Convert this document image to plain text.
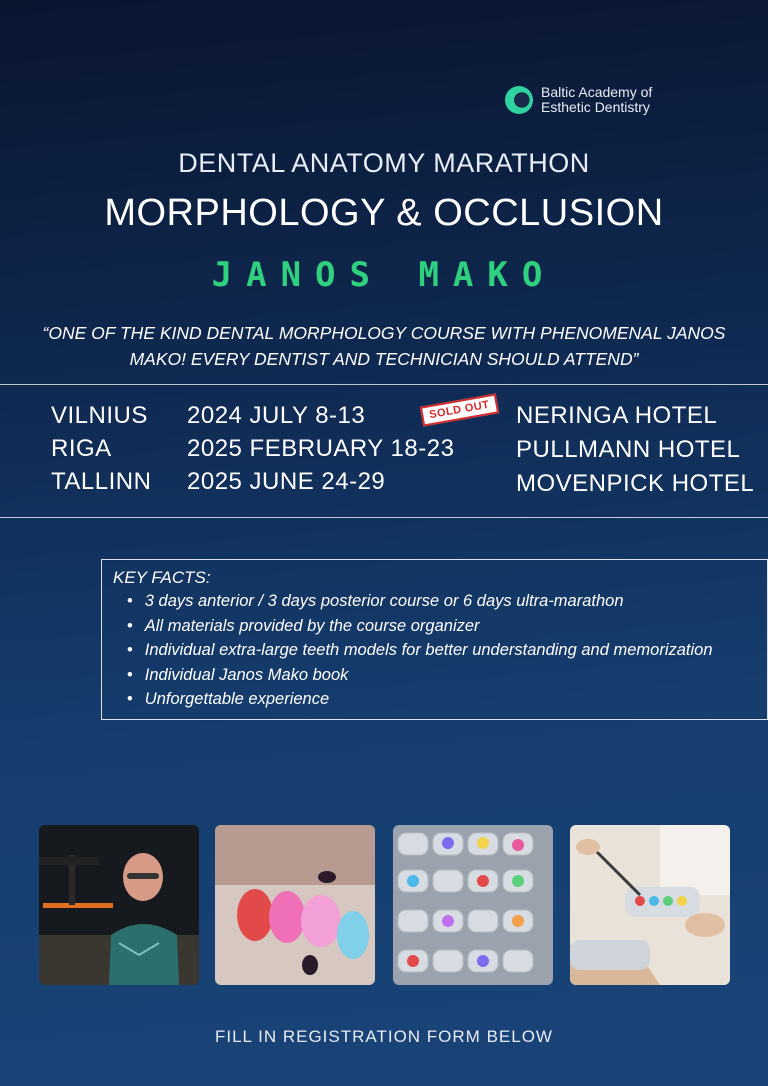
Baltic Academy of
Esthetic Dentistry
DENTAL ANATOMY MARATHON
MORPHOLOGY & OCCLUSION
JANOS MAKO
“ONE OF THE KIND DENTAL MORPHOLOGY COURSE WITH PHENOMENAL JANOS MAKO! EVERY DENTIST AND TECHNICIAN SHOULD ATTEND”
VILNIUS
RIGA
TALLINN
2024 JULY 8-13
2025 FEBRUARY 18-23
2025 JUNE 24-29
NERINGA HOTEL
PULLMANN HOTEL
MOVENPICK HOTEL
SOLD OUT
KEY FACTS:
• 3 days anterior / 3 days posterior course or 6 days ultra-marathon
• All materials provided by the course organizer
• Individual extra-large teeth models for better understanding and memorization
• Individual Janos Mako book
• Unforgettable experience
FILL IN REGISTRATION FORM BELOW
